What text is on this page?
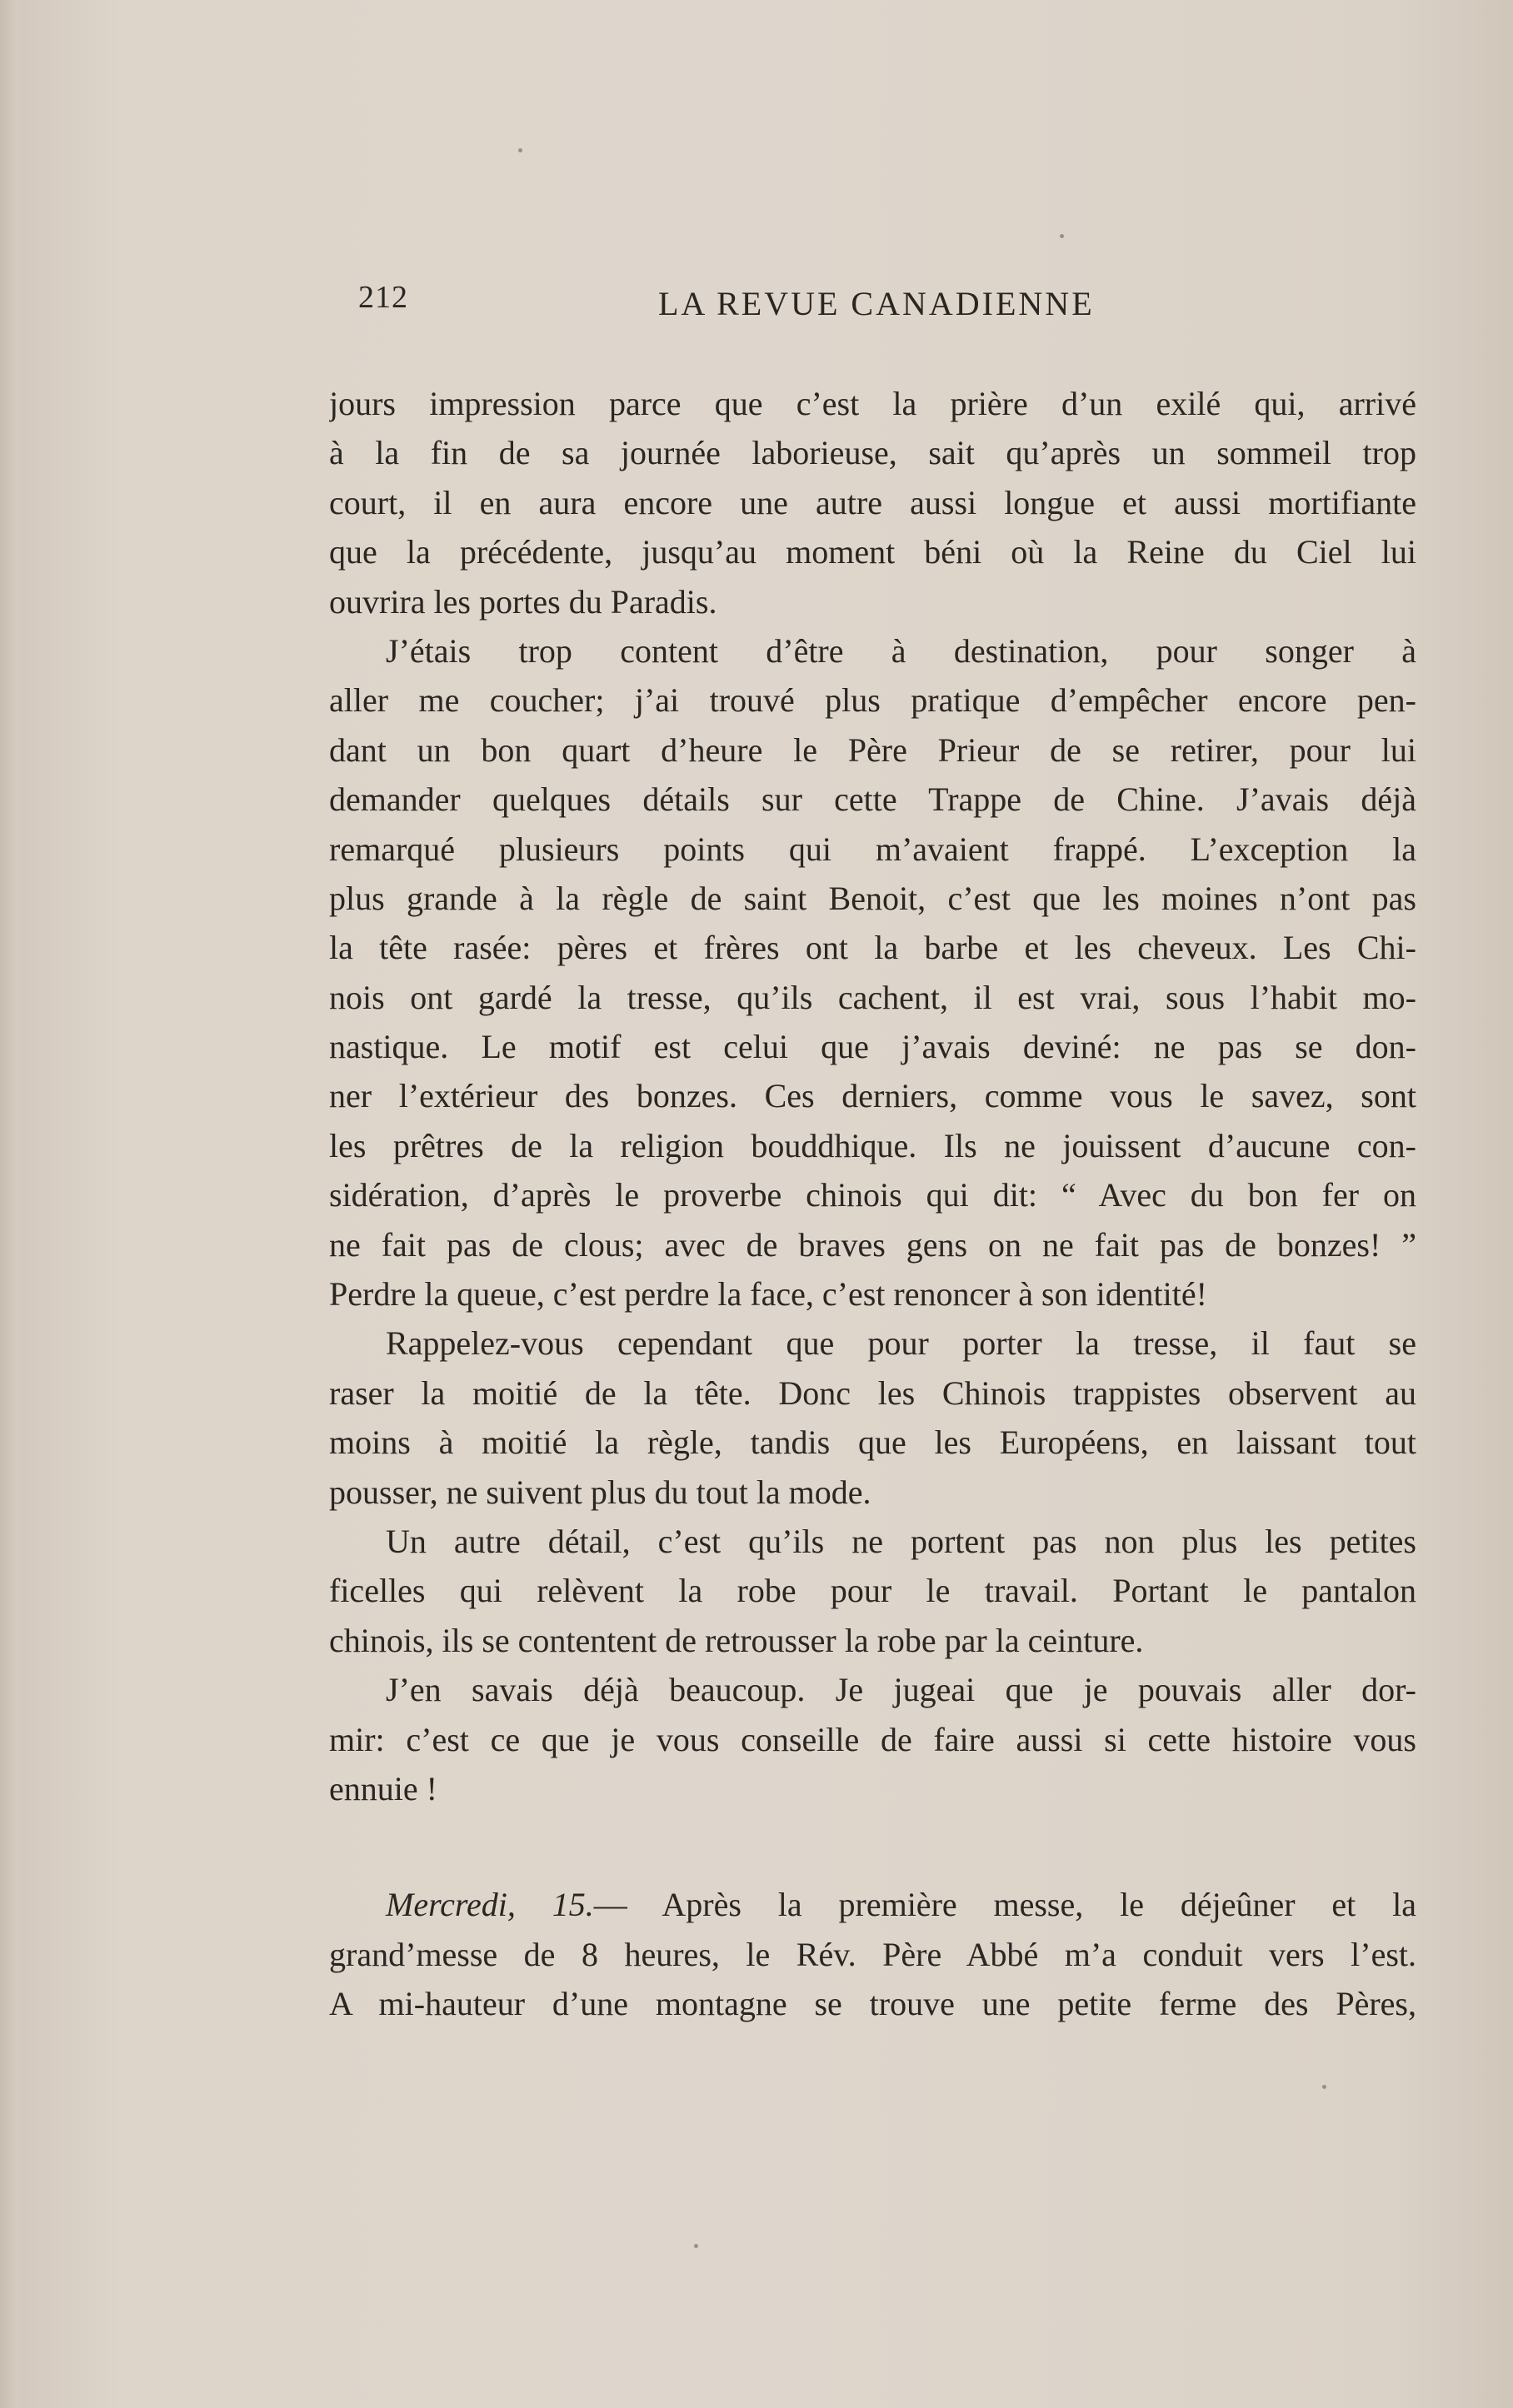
212	LA REVUE CANADIENNE
jours impression parce que c’est la prière d’un exilé qui, arrivé
à la fin de sa journée laborieuse, sait qu’après un sommeil trop
court, il en aura encore une autre aussi longue et aussi mortifiante
que la précédente, jusqu’au moment béni où la Reine du Ciel lui
ouvrira les portes du Paradis.
J’étais trop content d’être à destination, pour songer à
aller me coucher; j’ai trouvé plus pratique d’empêcher encore pen-
dant un bon quart d’heure le Père Prieur de se retirer, pour lui
demander quelques détails sur cette Trappe de Chine. J’avais déjà
remarqué plusieurs points qui m’avaient frappé. L’exception la
plus grande à la règle de saint Benoit, c’est que les moines n’ont pas
la tête rasée: pères et frères ont la barbe et les cheveux. Les Chi-
nois ont gardé la tresse, qu’ils cachent, il est vrai, sous l’habit mo-
nastique. Le motif est celui que j’avais deviné: ne pas se don-
ner l’extérieur des bonzes. Ces derniers, comme vous le savez, sont
les prêtres de la religion bouddhique. Ils ne jouissent d’aucune con-
sidération, d’après le proverbe chinois qui dit: “ Avec du bon fer on
ne fait pas de clous; avec de braves gens on ne fait pas de bonzes! ”
Perdre la queue, c’est perdre la face, c’est renoncer à son identité!
Rappelez-vous cependant que pour porter la tresse, il faut se
raser la moitié de la tête. Donc les Chinois trappistes observent au
moins à moitié la règle, tandis que les Européens, en laissant tout
pousser, ne suivent plus du tout la mode.
Un autre détail, c’est qu’ils ne portent pas non plus les petites
ficelles qui relèvent la robe pour le travail. Portant le pantalon
chinois, ils se contentent de retrousser la robe par la ceinture.
J’en savais déjà beaucoup. Je jugeai que je pouvais aller dor-
mir: c’est ce que je vous conseille de faire aussi si cette histoire vous
ennuie !
Mercredi, 15.— Après la première messe, le déjeûner et la
grand’messe de 8 heures, le Rév. Père Abbé m’a conduit vers l’est.
A mi-hauteur d’une montagne se trouve une petite ferme des Pères,
